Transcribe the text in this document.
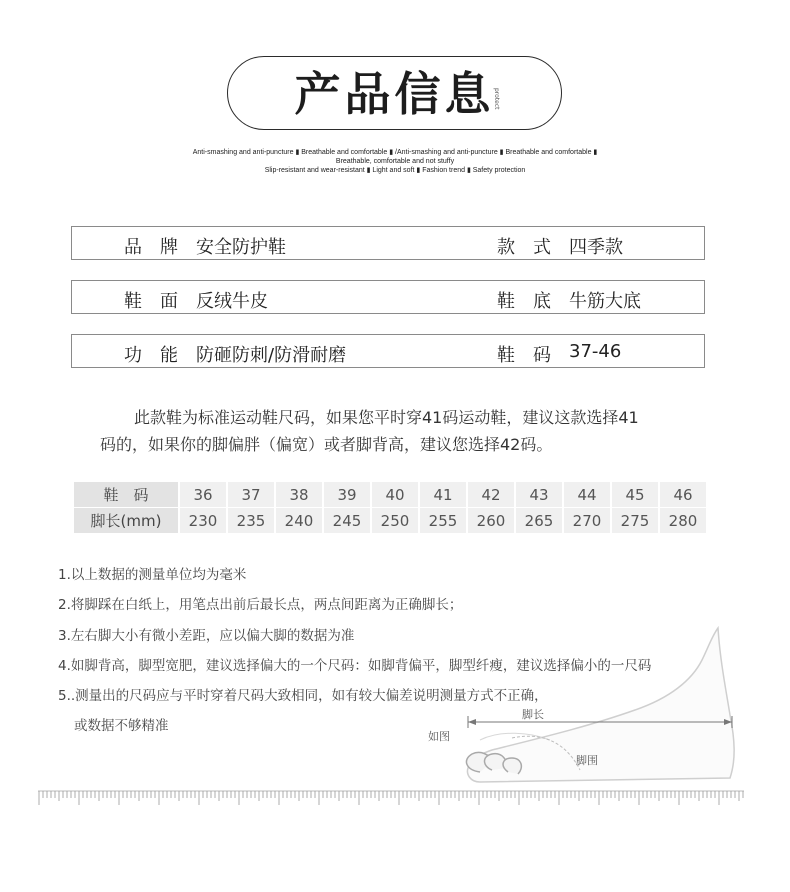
产品信息
protect
Anti-smashing and anti-puncture ▮ Breathable and comfortable ▮ /Anti-smashing and anti-puncture ▮ Breathable and comfortable ▮
Breathable, comfortable and not stuffy
Slip-resistant and wear-resistant ▮ Light and soft ▮ Fashion trend ▮ Safety protection
品　牌 安全防护鞋	款　式 四季款
鞋　面 反绒牛皮	鞋　底 牛筋大底
功　能 防砸防刺/防滑耐磨	鞋　码 37-46
此款鞋为标准运动鞋尺码，如果您平时穿41码运动鞋，建议这款选择41
码的，如果你的脚偏胖（偏宽）或者脚背高，建议您选择42码。
鞋　码	36	37	38	39	40	41	42	43	44	45	46
脚长(mm)	230	235	240	245	250	255	260	265	270	275	280
脚长
脚围
如图
1.以上数据的测量单位均为毫米
2.将脚踩在白纸上，用笔点出前后最长点，两点间距离为正确脚长；
3.左右脚大小有微小差距，应以偏大脚的数据为准
4.如脚背高，脚型宽肥，建议选择偏大的一个尺码：如脚背偏平，脚型纤瘦，建议选择偏小的一尺码
5..测量出的尺码应与平时穿着尺码大致相同，如有较大偏差说明测量方式不正确，
或数据不够精准
